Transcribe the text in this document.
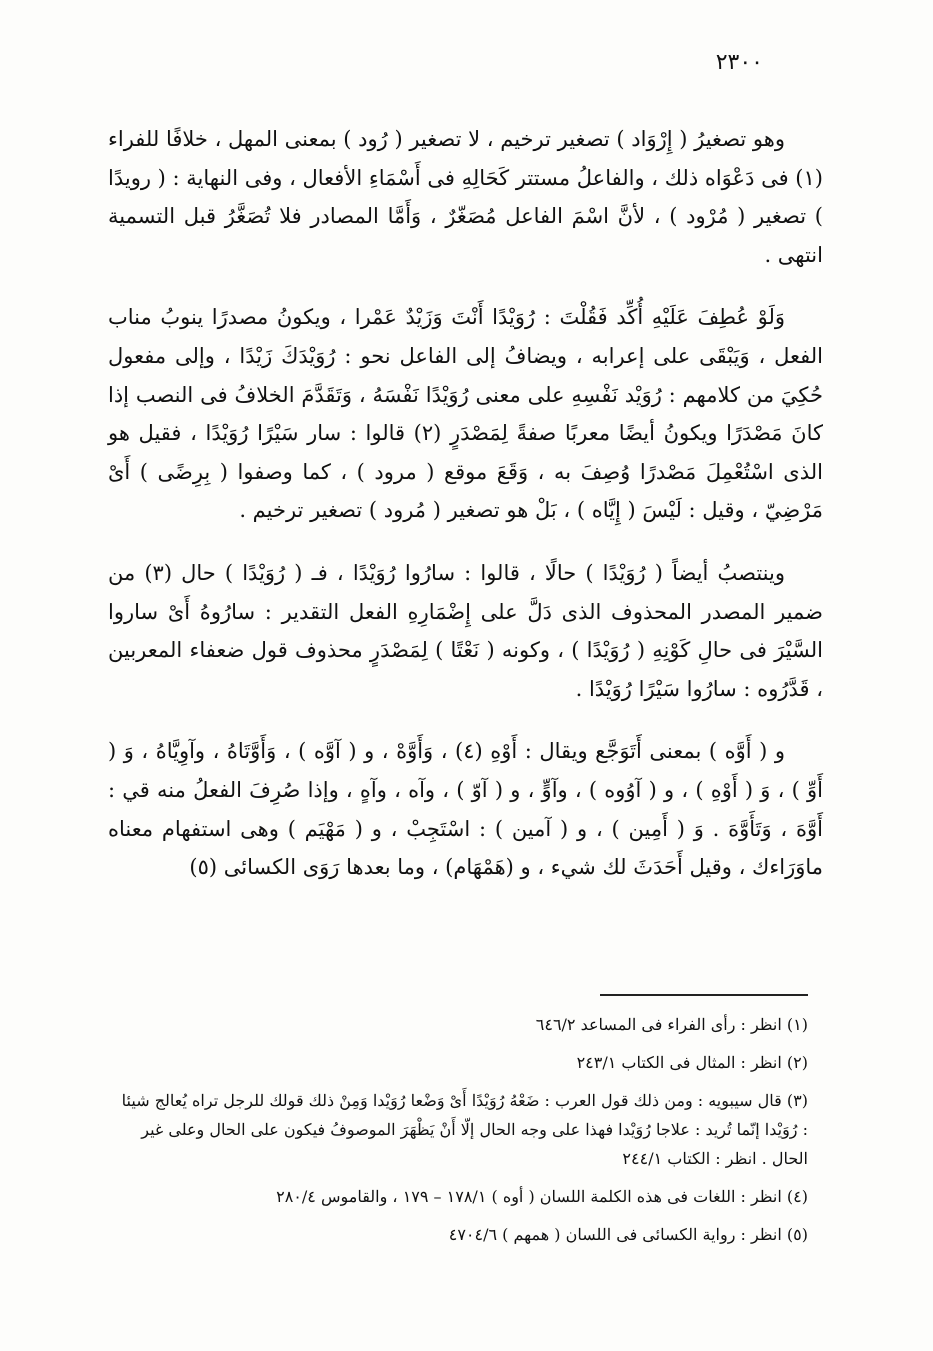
٢٣٠٠

وهو تصغيرُ ( إِرْوَاد ) تصغير ترخيم ، لا تصغير ( رُود ) بمعنى المهل ، خلافًا للفراء (١) فى دَعْوَاه ذلك ، والفاعلُ مستتر كَحَالِهِ فى أَسْمَاءِ الأفعال ، وفى النهاية : ( رويدًا ) تصغير ( مُرْود ) ، لأنَّ اسْمَ الفاعل مُصَغّرٌ ، وَأَمَّا المصادر فلا تُصَغَّرُ قبل التسمية انتهى .

وَلَوْ عُطِفَ عَلَيْهِ أُكِّد فَقُلْتَ : رُوَيْدًا أَنْتَ وَزَيْدٌ عَمْرا ، ويكونُ مصدرًا ينوبُ مناب الفعل ، وَيَبْقَى على إعرابه ، ويضافُ إلى الفاعل نحو : رُوَيْدَكَ زَيْدًا ، وإلى مفعول حُكِيَ من كلامهم : رُوَيْد نَفْسِهِ على معنى رُوَيْدًا نَفْسَهُ ، وَتَقَدَّمَ الخلافُ فى النصب إذا كانَ مَصْدَرًا ويكونُ أيضًا معربًا صفةً لِمَصْدَرٍ (٢) قالوا : سار سَيْرًا رُوَيْدًا ، فقيل هو الذى اسْتُعْمِلَ مَصْدرًا وُصِفَ به ، وَقَعَ موقع ( مرود ) ، كما وصفوا ( بِرِضًى ) أَىْ مَرْضِيّ ، وقيل : لَيْسَ ( إِيَّاه ) ، بَلْ هو تصغير ( مُرود ) تصغير ترخيم .

وينتصبُ أيضاً ( رُوَيْدًا ) حالًا ، قالوا : سارُوا رُوَيْدًا ، فـ ( رُوَيْدًا ) حال (٣) من ضمير المصدر المحذوف الذى دَلَّ على إِضْمَارِهِ الفعل التقدير : سارُوهُ أَىْ ساروا السَّيْرَ فى حالِ كَوْنِهِ ( رُوَيْدًا ) ، وكونه ( نَعْتًا ) لِمَصْدَرٍ محذوف قول ضعفاء المعربين ، قَدَّرُوه : سارُوا سَيْرًا رُوَيْدًا .

و ( أَوَّه ) بمعنى أَتَوَجَّع ويقال : أَوْهِ (٤) ، وَأَوَّهْ ، و ( آوَّه ) ، وَأَوَّتَاهُ ، وآوِيَّاهُ ، وَ ( أَوِّ ) ، وَ ( أَوْهِ ) ، و ( آوُوه ) ، وآوٍّ ، و ( آوّ ) ، وآه ، وآهٍ ، وإذا صُرِفَ الفعلُ منه قي : أَوَّهَ ، وَتَأَوَّهَ . وَ ( أَمِين ) ، و ( آمين ) : اسْتَجِبْ ، و ( مَهْيَم ) وهى استفهام معناه ماوَرَاءك ، وقيل أَحَدَثَ لك شيء ، و (هَمْهَام) ، وما بعدها رَوَى الكسائى (٥)

(١) انظر : رأى الفراء فى المساعد ٦٤٦/٢
(٢) انظر : المثال فى الكتاب ٢٤٣/١
(٣) قال سيبويه : ومن ذلك قول العرب : ضَعْهُ رُوَيْدًا أَىْ وَضْعا رُوَيْدا وَمِنْ ذلك قولك للرجل تراه يُعالج شيئا : رُوَيْدا إنّما تُريد : علاجا رُوَيْدا فهذا على وجه الحال إلّا أَنْ يَظْهَرَ الموصوفُ فيكون على الحال وعلى غير الحال . انظر : الكتاب ٢٤٤/١
(٤) انظر : اللغات فى هذه الكلمة اللسان ( أوه ) ١٧٨/١ – ١٧٩ ، والقاموس ٢٨٠/٤
(٥) انظر : رواية الكسائى فى اللسان ( همهم ) ٤٧٠٤/٦
